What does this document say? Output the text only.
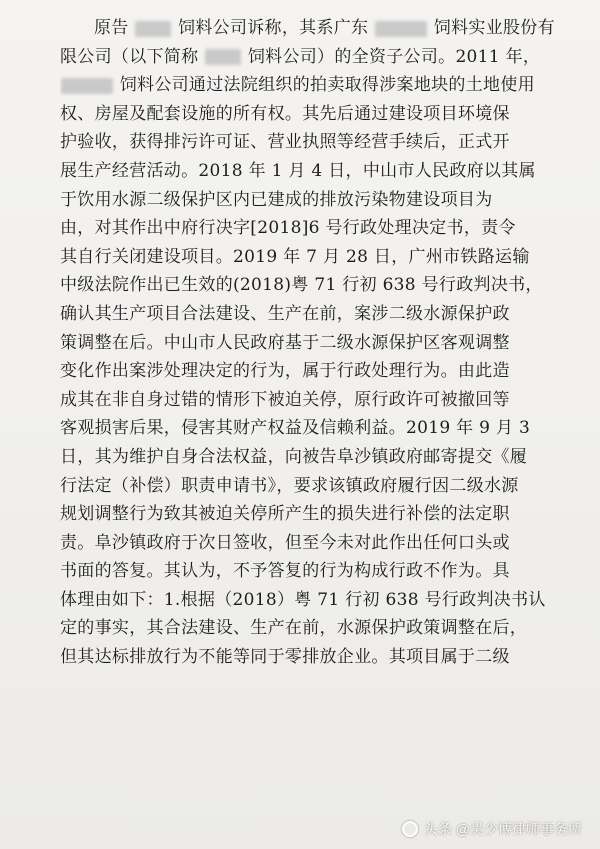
原告	饲料公司诉称，其系广东	饲料实业股份有
限公司（以下简称	饲料公司）的全资子公司。2011 年，
饲料公司通过法院组织的拍卖取得涉案地块的土地使用
权、房屋及配套设施的所有权。其先后通过建设项目环境保
护验收，获得排污许可证、营业执照等经营手续后，正式开
展生产经营活动。2018 年 1 月 4 日，中山市人民政府以其属
于饮用水源二级保护区内已建成的排放污染物建设项目为
由，对其作出中府行决字[2018]6 号行政处理决定书，责令
其自行关闭建设项目。2019 年 7 月 28 日，广州市铁路运输
中级法院作出已生效的(2018)粤 71 行初 638 号行政判决书，
确认其生产项目合法建设、生产在前，案涉二级水源保护政
策调整在后。中山市人民政府基于二级水源保护区客观调整
变化作出案涉处理决定的行为，属于行政处理行为。由此造
成其在非自身过错的情形下被迫关停，原行政许可被撤回等
客观损害后果，侵害其财产权益及信赖利益。2019 年 9 月 3
日，其为维护自身合法权益，向被告阜沙镇政府邮寄提交《履
行法定（补偿）职责申请书》，要求该镇政府履行因二级水源
规划调整行为致其被迫关停所产生的损失进行补偿的法定职
责。阜沙镇政府于次日签收，但至今未对此作出任何口头或
书面的答复。其认为，不予答复的行为构成行政不作为。具
体理由如下：1.根据（2018）粤 71 行初 638 号行政判决书认
定的事实，其合法建设、生产在前，水源保护政策调整在后，
但其达标排放行为不能等同于零排放企业。其项目属于二级
头条 @吴少博律师事务所
